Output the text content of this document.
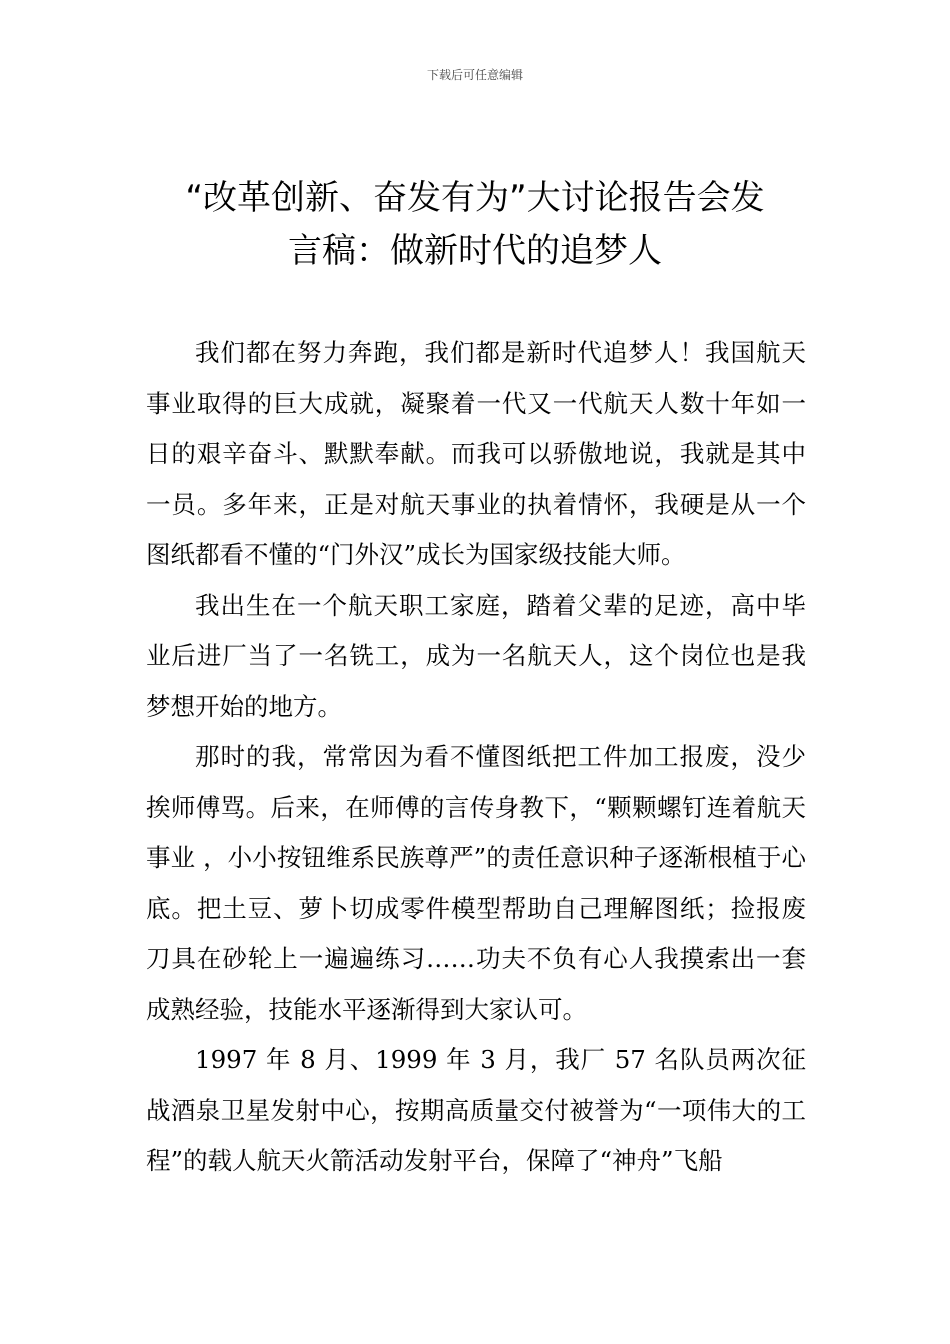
下载后可任意编辑
“改革创新、奋发有为”大讨论报告会发
言稿：做新时代的追梦人

我们都在努力奔跑，我们都是新时代追梦人！我国航天事业取得的巨大成就，凝聚着一代又一代航天人数十年如一日的艰辛奋斗、默默奉献。而我可以骄傲地说，我就是其中一员。多年来，正是对航天事业的执着情怀，我硬是从一个图纸都看不懂的“门外汉”成长为国家级技能大师。

我出生在一个航天职工家庭，踏着父辈的足迹，高中毕业后进厂当了一名铣工，成为一名航天人，这个岗位也是我梦想开始的地方。

那时的我，常常因为看不懂图纸把工件加工报废，没少挨师傅骂。后来，在师傅的言传身教下，“颗颗螺钉连着航天事业 ，小小按钮维系民族尊严”的责任意识种子逐渐根植于心底。把土豆、萝卜切成零件模型帮助自己理解图纸；捡报废刀具在砂轮上一遍遍练习……功夫不负有心人我摸索出一套成熟经验，技能水平逐渐得到大家认可。

1997 年 8 月、1999 年 3 月，我厂 57 名队员两次征战酒泉卫星发射中心，按期高质量交付被誉为“一项伟大的工程”的载人航天火箭活动发射平台，保障了“神舟”飞船
